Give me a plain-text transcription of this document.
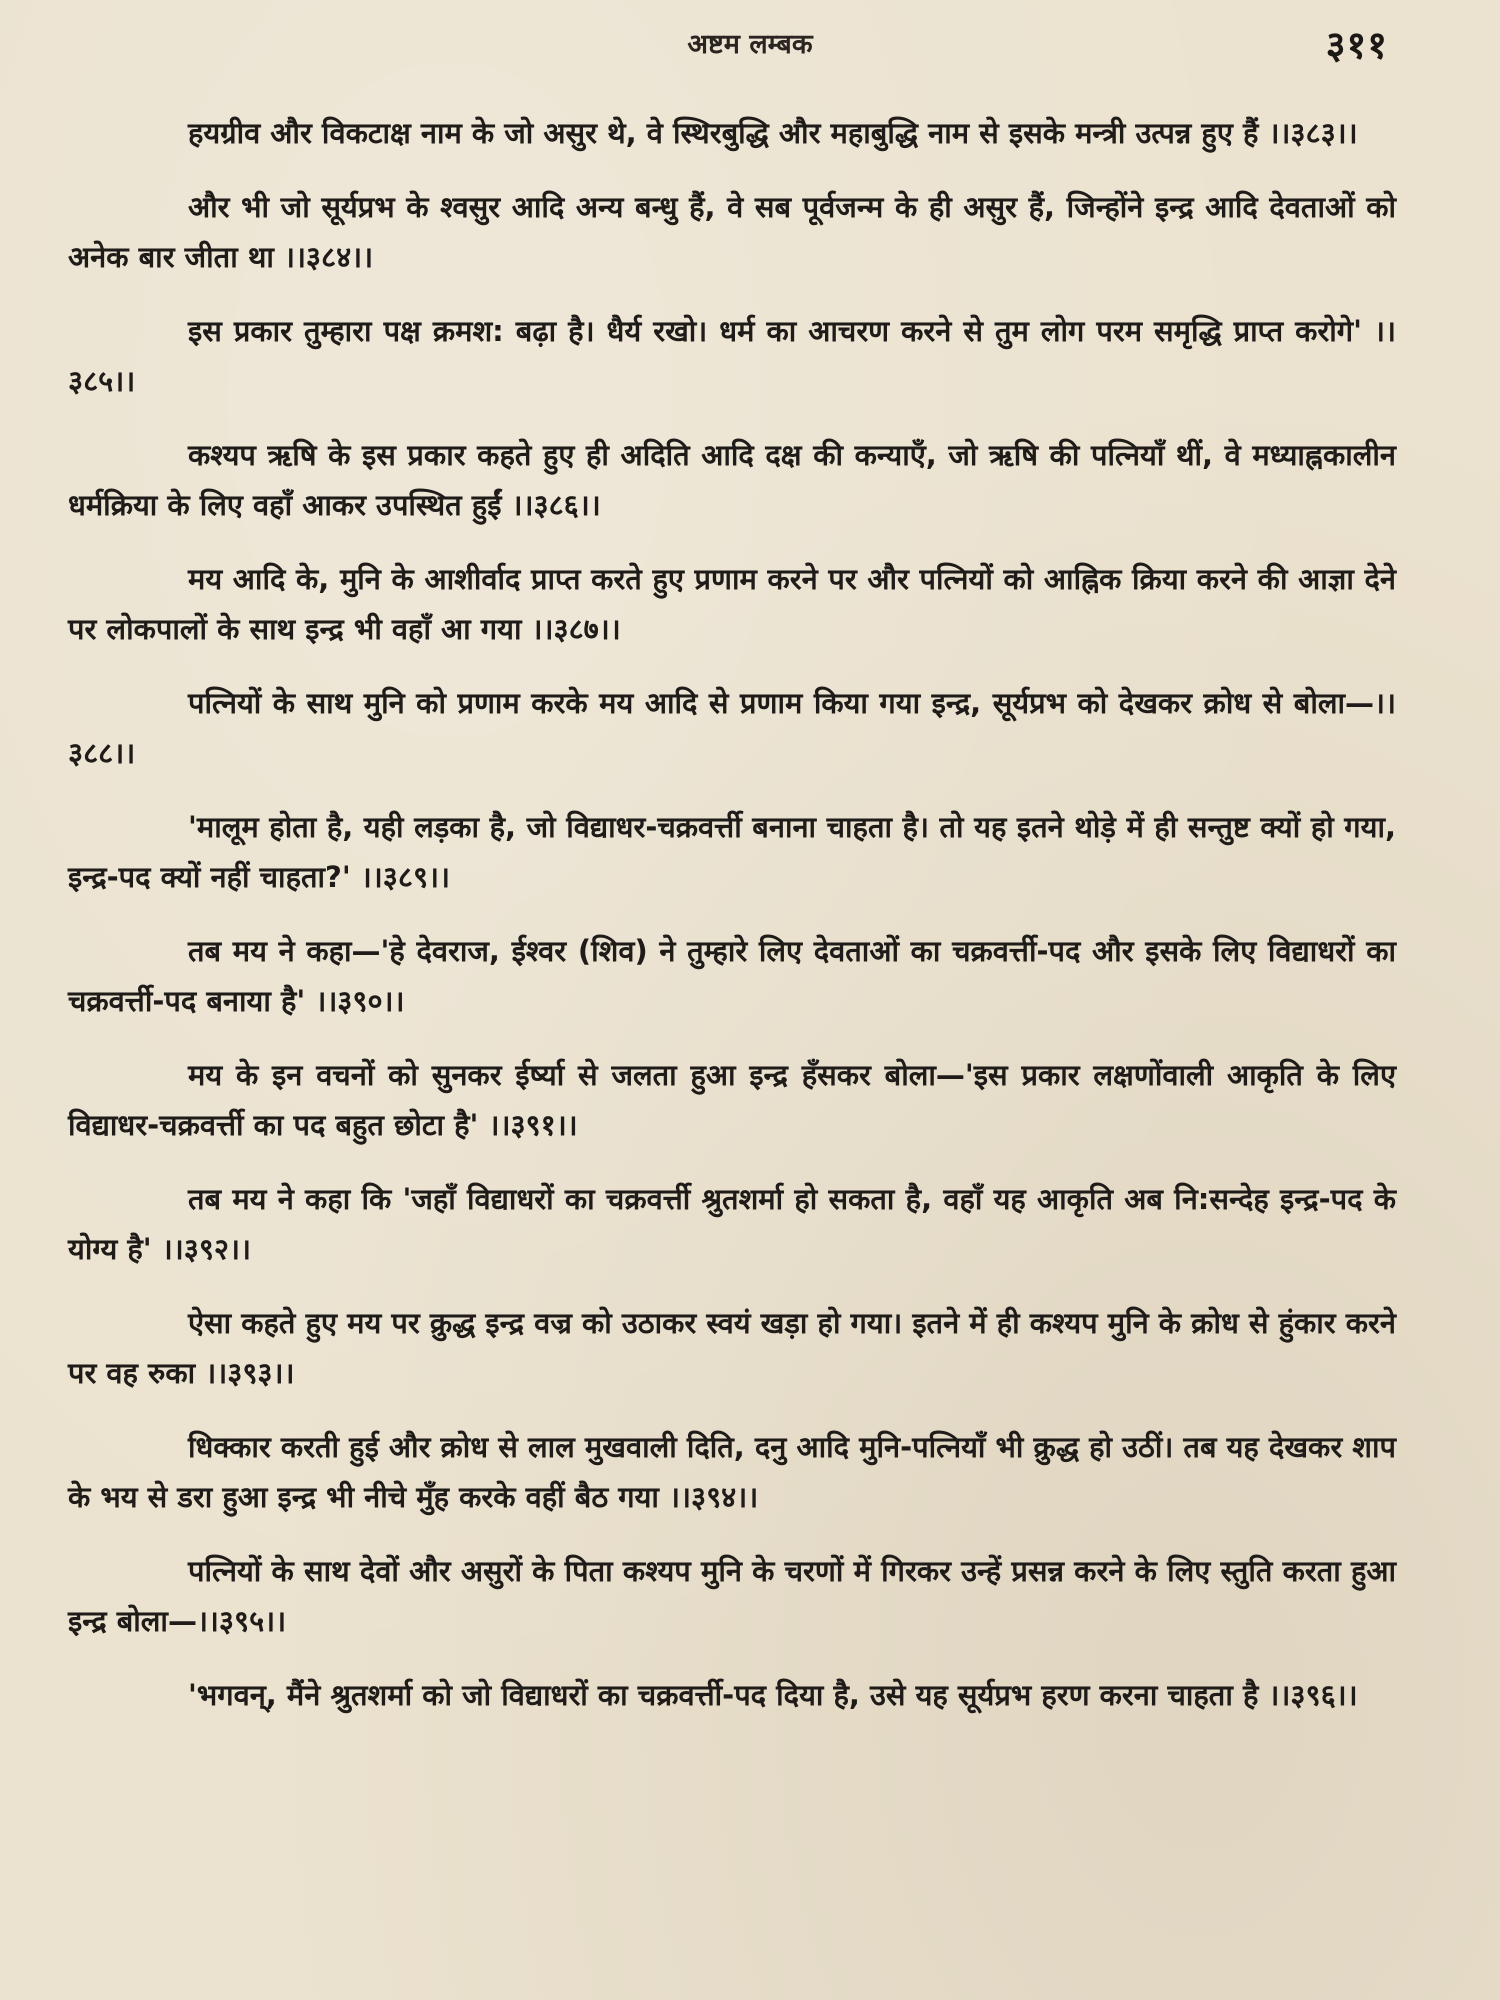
अष्टम लम्बक	३११

हयग्रीव और विकटाक्ष नाम के जो असुर थे, वे स्थिरबुद्धि और महाबुद्धि नाम से इसके मन्त्री उत्पन्न हुए हैं ।।३८३।।

और भी जो सूर्यप्रभ के श्वसुर आदि अन्य बन्धु हैं, वे सब पूर्वजन्म के ही असुर हैं, जिन्होंने इन्द्र आदि देवताओं को अनेक बार जीता था ।।३८४।।

इस प्रकार तुम्हारा पक्ष क्रमश: बढ़ा है। धैर्य रखो। धर्म का आचरण करने से तुम लोग परम समृद्धि प्राप्त करोगे' ।।३८५।।

कश्यप ऋषि के इस प्रकार कहते हुए ही अदिति आदि दक्ष की कन्याएँ, जो ऋषि की पत्नियाँ थीं, वे मध्याह्नकालीन धर्मक्रिया के लिए वहाँ आकर उपस्थित हुईं ।।३८६।।

मय आदि के, मुनि के आशीर्वाद प्राप्त करते हुए प्रणाम करने पर और पत्नियों को आह्निक क्रिया करने की आज्ञा देने पर लोकपालों के साथ इन्द्र भी वहाँ आ गया ।।३८७।।

पत्नियों के साथ मुनि को प्रणाम करके मय आदि से प्रणाम किया गया इन्द्र, सूर्यप्रभ को देखकर क्रोध से बोला—।।३८८।।

'मालूम होता है, यही लड़का है, जो विद्याधर-चक्रवर्त्ती बनाना चाहता है। तो यह इतने थोड़े में ही सन्तुष्ट क्यों हो गया, इन्द्र-पद क्यों नहीं चाहता?' ।।३८९।।

तब मय ने कहा—'हे देवराज, ईश्वर (शिव) ने तुम्हारे लिए देवताओं का चक्रवर्त्ती-पद और इसके लिए विद्याधरों का चक्रवर्त्ती-पद बनाया है' ।।३९०।।

मय के इन वचनों को सुनकर ईर्ष्या से जलता हुआ इन्द्र हँसकर बोला—'इस प्रकार लक्षणोंवाली आकृति के लिए विद्याधर-चक्रवर्त्ती का पद बहुत छोटा है' ।।३९१।।

तब मय ने कहा कि 'जहाँ विद्याधरों का चक्रवर्त्ती श्रुतशर्मा हो सकता है, वहाँ यह आकृति अब नि:सन्देह इन्द्र-पद के योग्य है' ।।३९२।।

ऐसा कहते हुए मय पर क्रुद्ध इन्द्र वज्र को उठाकर स्वयं खड़ा हो गया। इतने में ही कश्यप मुनि के क्रोध से हुंकार करने पर वह रुका ।।३९३।।

धिक्कार करती हुई और क्रोध से लाल मुखवाली दिति, दनु आदि मुनि-पत्नियाँ भी क्रुद्ध हो उठीं। तब यह देखकर शाप के भय से डरा हुआ इन्द्र भी नीचे मुँह करके वहीं बैठ गया ।।३९४।।

पत्नियों के साथ देवों और असुरों के पिता कश्यप मुनि के चरणों में गिरकर उन्हें प्रसन्न करने के लिए स्तुति करता हुआ इन्द्र बोला—।।३९५।।

'भगवन्, मैंने श्रुतशर्मा को जो विद्याधरों का चक्रवर्त्ती-पद दिया है, उसे यह सूर्यप्रभ हरण करना चाहता है ।।३९६।।
